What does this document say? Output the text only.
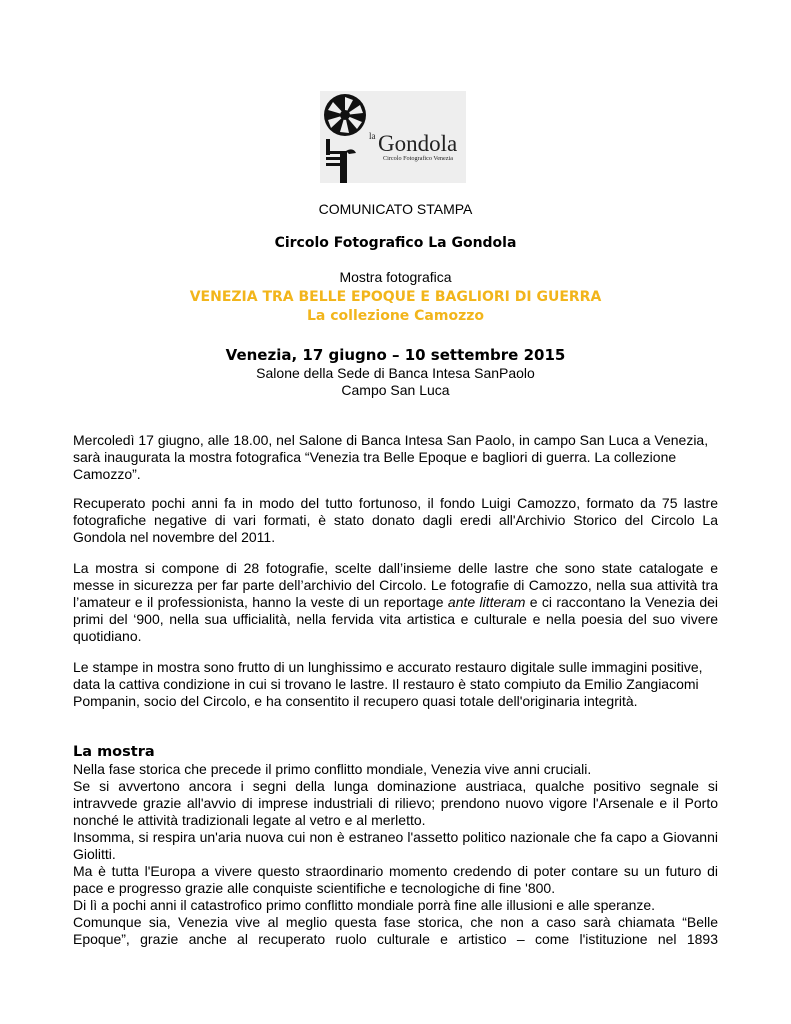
la Gondola
Circolo Fotografico Venezia
COMUNICATO STAMPA
Circolo Fotografico La Gondola
Mostra fotografica
VENEZIA TRA BELLE EPOQUE E BAGLIORI DI GUERRA
La collezione Camozzo
Venezia, 17 giugno – 10 settembre 2015
Salone della Sede di Banca Intesa SanPaolo
Campo San Luca

Mercoledì 17 giugno, alle 18.00, nel Salone di Banca Intesa San Paolo, in campo San Luca a Venezia, sarà inaugurata la mostra fotografica “Venezia tra Belle Epoque e bagliori di guerra. La collezione Camozzo”.

Recuperato pochi anni fa in modo del tutto fortunoso, il fondo Luigi Camozzo, formato da 75 lastre fotografiche negative di vari formati, è stato donato dagli eredi all'Archivio Storico del Circolo La Gondola nel novembre del 2011.

La mostra si compone di 28 fotografie, scelte dall’insieme delle lastre che sono state catalogate e messe in sicurezza per far parte dell’archivio del Circolo. Le fotografie di Camozzo, nella sua attività tra l’amateur e il professionista, hanno la veste di un reportage ante litteram e ci raccontano la Venezia dei primi del ‘900, nella sua ufficialità, nella fervida vita artistica e culturale e nella poesia del suo vivere quotidiano.

Le stampe in mostra sono frutto di un lunghissimo e accurato restauro digitale sulle immagini positive, data la cattiva condizione in cui si trovano le lastre. Il restauro è stato compiuto da Emilio Zangiacomi Pompanin, socio del Circolo, e ha consentito il recupero quasi totale dell'originaria integrità.

La mostra

Nella fase storica che precede il primo conflitto mondiale, Venezia vive anni cruciali.

Se si avvertono ancora i segni della lunga dominazione austriaca, qualche positivo segnale si intravvede grazie all'avvio di imprese industriali di rilievo; prendono nuovo vigore l'Arsenale e il Porto nonché le attività tradizionali legate al vetro e al merletto.

Insomma, si respira un'aria nuova cui non è estraneo l'assetto politico nazionale che fa capo a Giovanni Giolitti.

Ma è tutta l'Europa a vivere questo straordinario momento credendo di poter contare su un futuro di pace e progresso grazie alle conquiste scientifiche e tecnologiche di fine '800.

Di lì a pochi anni il catastrofico primo conflitto mondiale porrà fine alle illusioni e alle speranze.

Comunque sia, Venezia vive al meglio questa fase storica, che non a caso sarà chiamata “Belle Epoque”, grazie anche al recuperato ruolo culturale e artistico – come l'istituzione nel 1893
